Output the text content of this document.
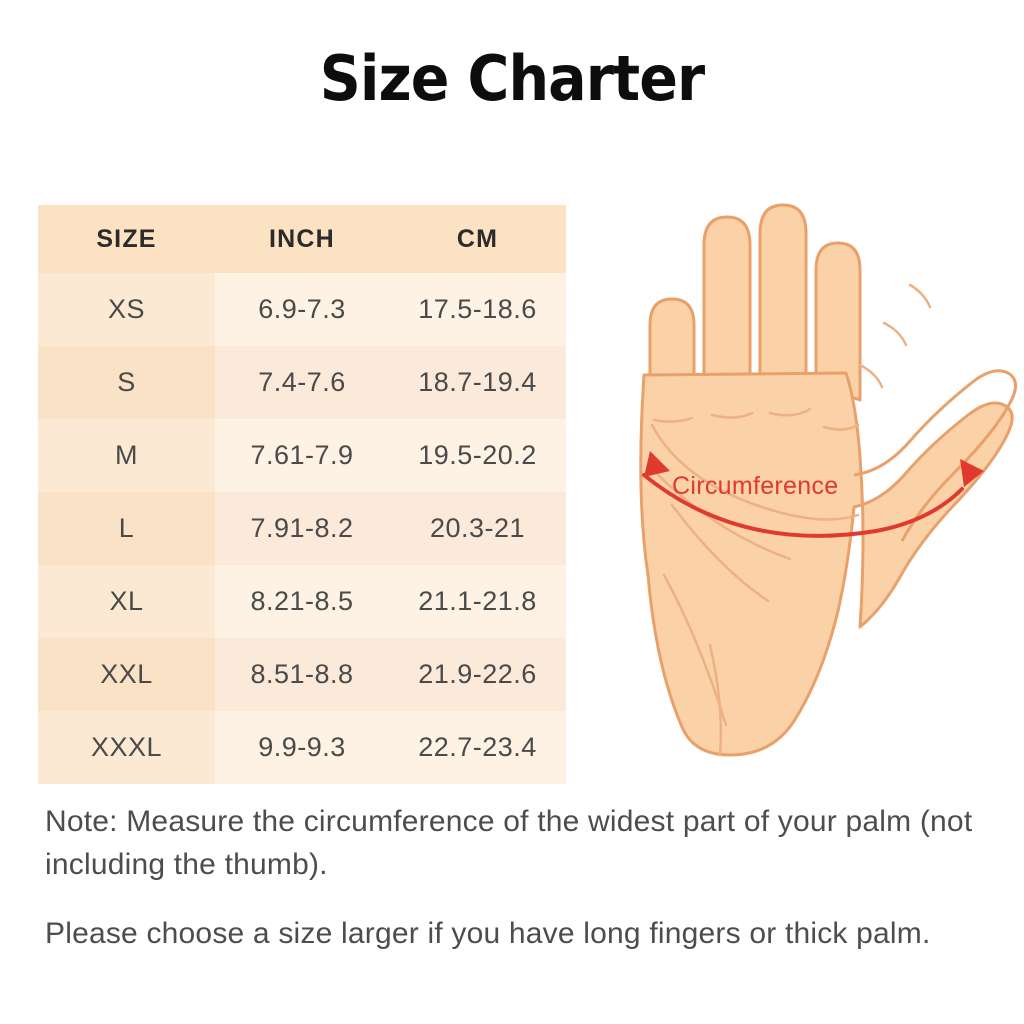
Size Charter
SIZE	INCH	CM
XS	6.9-7.3	17.5-18.6
S	7.4-7.6	18.7-19.4
M	7.61-7.9	19.5-20.2
L	7.91-8.2	20.3-21
XL	8.21-8.5	21.1-21.8
XXL	8.51-8.8	21.9-22.6
XXXL	9.9-9.3	22.7-23.4
Circumference
Note: Measure the circumference of the widest part of your palm (not including the thumb).
Please choose a size larger if you have long fingers or thick palm.
